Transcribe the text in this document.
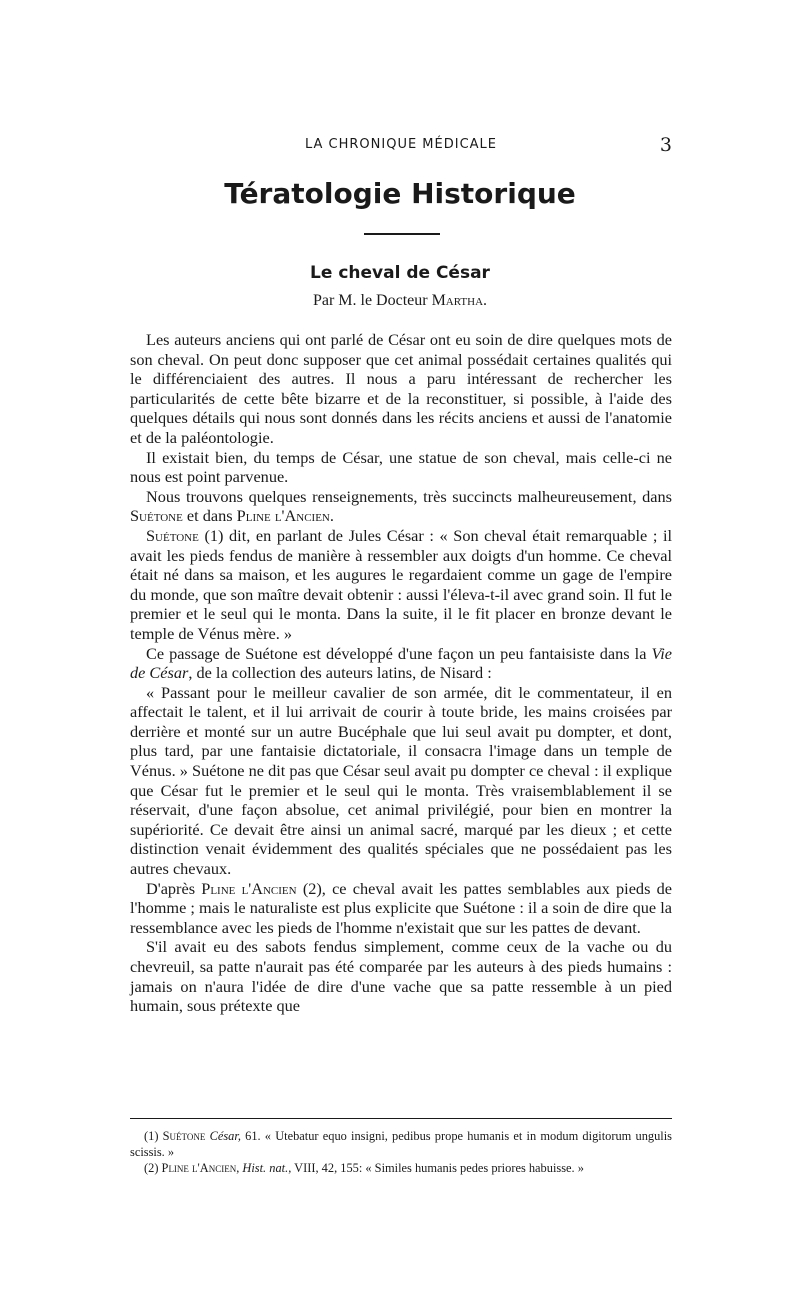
LA CHRONIQUE MÉDICALE	3
Tératologie Historique
Le cheval de César

Par M. le Docteur Martha.

Les auteurs anciens qui ont parlé de César ont eu soin de dire quelques mots de son cheval. On peut donc supposer que cet animal possédait certaines qualités qui le différenciaient des autres. Il nous a paru intéressant de rechercher les particularités de cette bête bizarre et de la reconstituer, si possible, à l'aide des quelques détails qui nous sont donnés dans les récits anciens et aussi de l'anatomie et de la paléontologie.

Il existait bien, du temps de César, une statue de son cheval, mais celle-ci ne nous est point parvenue.

Nous trouvons quelques renseignements, très succincts malheureusement, dans Suétone et dans Pline l'Ancien.

Suétone (1) dit, en parlant de Jules César : « Son cheval était remarquable ; il avait les pieds fendus de manière à ressembler aux doigts d'un homme. Ce cheval était né dans sa maison, et les augures le regardaient comme un gage de l'empire du monde, que son maître devait obtenir : aussi l'éleva-t-il avec grand soin. Il fut le premier et le seul qui le monta. Dans la suite, il le fit placer en bronze devant le temple de Vénus mère. »

Ce passage de Suétone est développé d'une façon un peu fantaisiste dans la Vie de César, de la collection des auteurs latins, de Nisard :

« Passant pour le meilleur cavalier de son armée, dit le commentateur, il en affectait le talent, et il lui arrivait de courir à toute bride, les mains croisées par derrière et monté sur un autre Bucéphale que lui seul avait pu dompter, et dont, plus tard, par une fantaisie dictatoriale, il consacra l'image dans un temple de Vénus. » Suétone ne dit pas que César seul avait pu dompter ce cheval : il explique que César fut le premier et le seul qui le monta. Très vraisemblablement il se réservait, d'une façon absolue, cet animal privilégié, pour bien en montrer la supériorité. Ce devait être ainsi un animal sacré, marqué par les dieux ; et cette distinction venait évidemment des qualités spéciales que ne possédaient pas les autres chevaux.

D'après Pline l'Ancien (2), ce cheval avait les pattes semblables aux pieds de l'homme ; mais le naturaliste est plus explicite que Suétone : il a soin de dire que la ressemblance avec les pieds de l'homme n'existait que sur les pattes de devant.

S'il avait eu des sabots fendus simplement, comme ceux de la vache ou du chevreuil, sa patte n'aurait pas été comparée par les auteurs à des pieds humains : jamais on n'aura l'idée de dire d'une vache que sa patte ressemble à un pied humain, sous prétexte que

(1) Suétone César, 61. « Utebatur equo insigni, pedibus prope humanis et in modum digitorum ungulis scissis. »

(2) Pline l'Ancien, Hist. nat., VIII, 42, 155: « Similes humanis pedes priores habuisse. »
